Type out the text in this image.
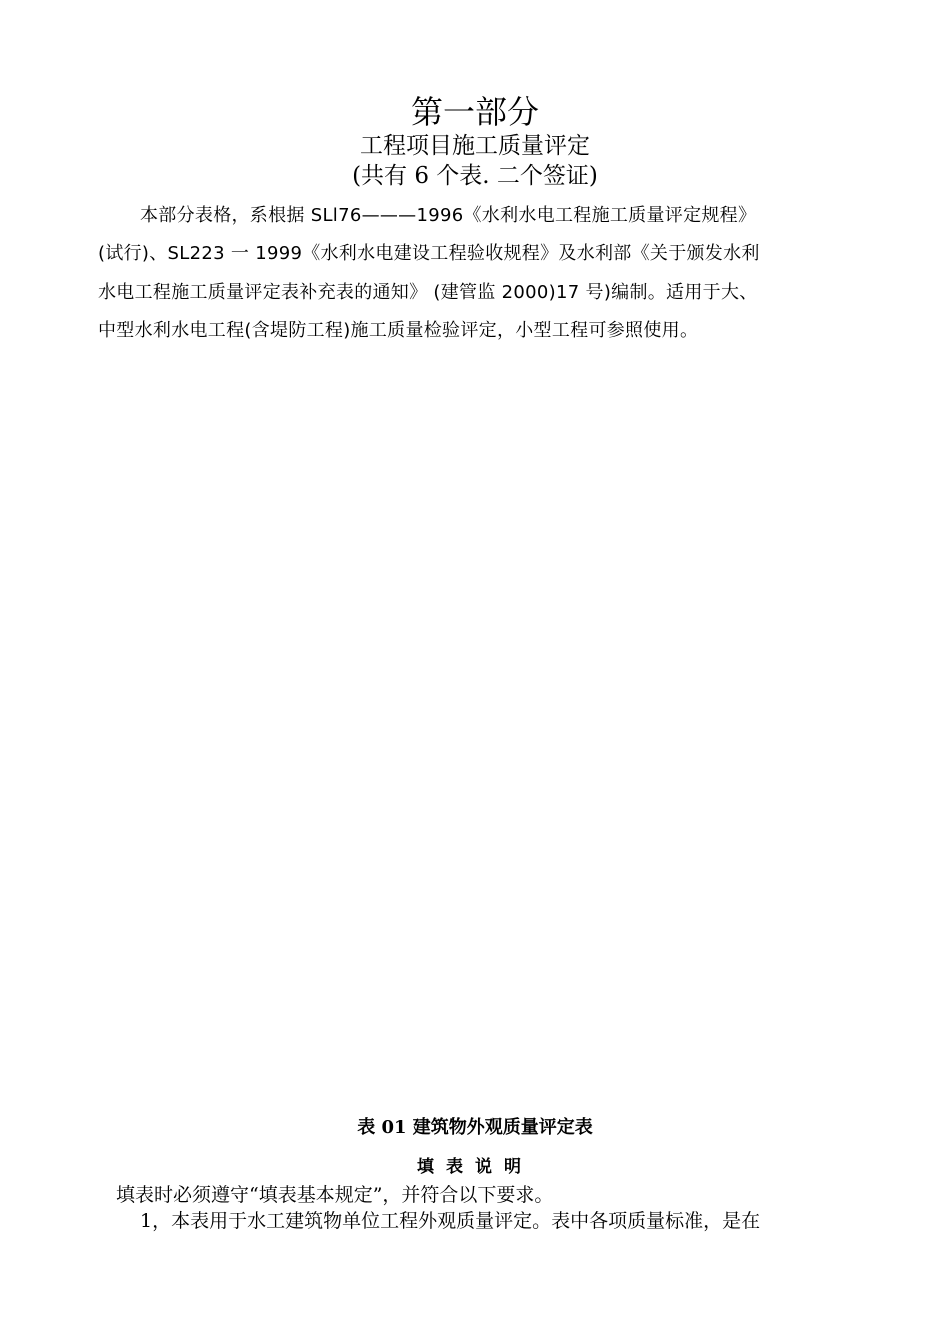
第一部分
工程项目施工质量评定
(共有 6 个表. 二个签证)
本部分表格，系根据 SLl76———1996《水利水电工程施工质量评定规程》
(试行)、SL223 一 1999《水利水电建设工程验收规程》及水利部《关于颁发水利
水电工程施工质量评定表补充表的通知》 (建管监 2000)17 号)编制。适用于大、
中型水利水电工程(含堤防工程)施工质量检验评定，小型工程可参照使用。
表 01 建筑物外观质量评定表
填表说明
填表时必须遵守“填表基本规定”，并符合以下要求。
1，本表用于水工建筑物单位工程外观质量评定。表中各项质量标准，是在
